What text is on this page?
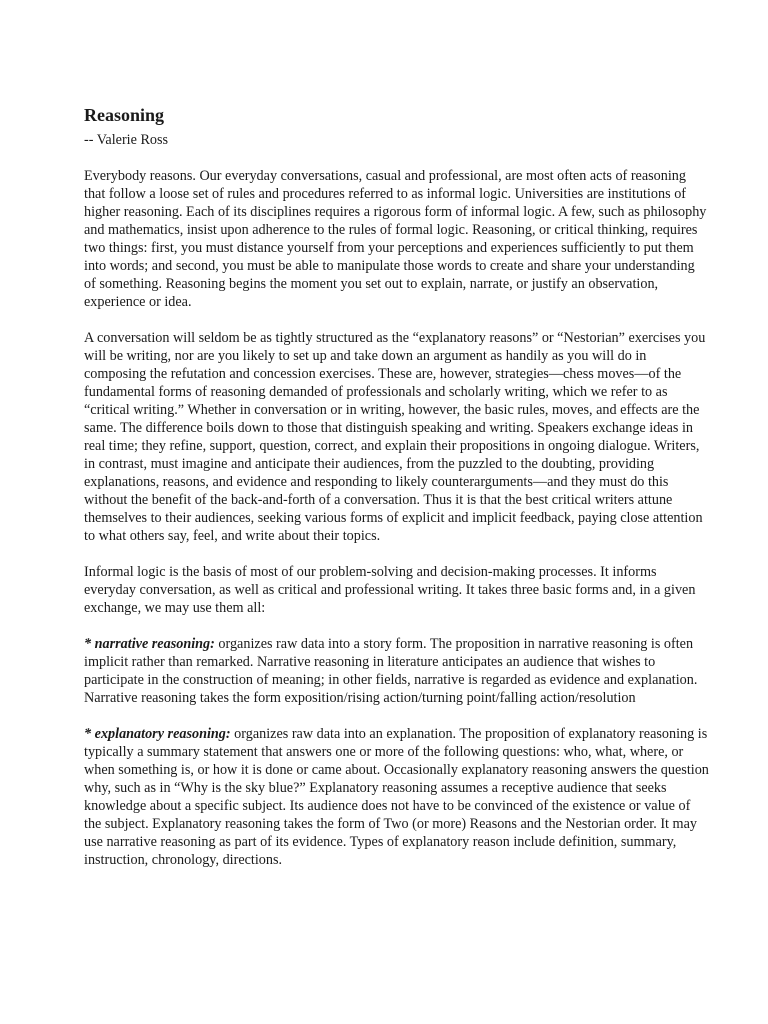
Reasoning
-- Valerie Ross
Everybody reasons. Our everyday conversations, casual and professional, are most often acts of reasoning that follow a loose set of rules and procedures referred to as informal logic. Universities are institutions of higher reasoning. Each of its disciplines requires a rigorous form of informal logic. A few, such as philosophy and mathematics, insist upon adherence to the rules of formal logic. Reasoning, or critical thinking, requires two things: first, you must distance yourself from your perceptions and experiences sufficiently to put them into words; and second, you must be able to manipulate those words to create and share your understanding of something. Reasoning begins the moment you set out to explain, narrate, or justify an observation, experience or idea.
A conversation will seldom be as tightly structured as the “explanatory reasons” or “Nestorian” exercises you will be writing, nor are you likely to set up and take down an argument as handily as you will do in composing the refutation and concession exercises. These are, however, strategies—chess moves—of the fundamental forms of reasoning demanded of professionals and scholarly writing, which we refer to as “critical writing.” Whether in conversation or in writing, however, the basic rules, moves, and effects are the same. The difference boils down to those that distinguish speaking and writing. Speakers exchange ideas in real time; they refine, support, question, correct, and explain their propositions in ongoing dialogue. Writers, in contrast, must imagine and anticipate their audiences, from the puzzled to the doubting, providing explanations, reasons, and evidence and responding to likely counterarguments—and they must do this without the benefit of the back-and-forth of a conversation. Thus it is that the best critical writers attune themselves to their audiences, seeking various forms of explicit and implicit feedback, paying close attention to what others say, feel, and write about their topics.
Informal logic is the basis of most of our problem-solving and decision-making processes. It informs everyday conversation, as well as critical and professional writing. It takes three basic forms and, in a given exchange, we may use them all:
* narrative reasoning: organizes raw data into a story form. The proposition in narrative reasoning is often implicit rather than remarked. Narrative reasoning in literature anticipates an audience that wishes to participate in the construction of meaning; in other fields, narrative is regarded as evidence and explanation. Narrative reasoning takes the form exposition/rising action/turning point/falling action/resolution
* explanatory reasoning: organizes raw data into an explanation. The proposition of explanatory reasoning is typically a summary statement that answers one or more of the following questions: who, what, where, or when something is, or how it is done or came about. Occasionally explanatory reasoning answers the question why, such as in “Why is the sky blue?” Explanatory reasoning assumes a receptive audience that seeks knowledge about a specific subject. Its audience does not have to be convinced of the existence or value of the subject. Explanatory reasoning takes the form of Two (or more) Reasons and the Nestorian order. It may use narrative reasoning as part of its evidence. Types of explanatory reason include definition, summary, instruction, chronology, directions.
